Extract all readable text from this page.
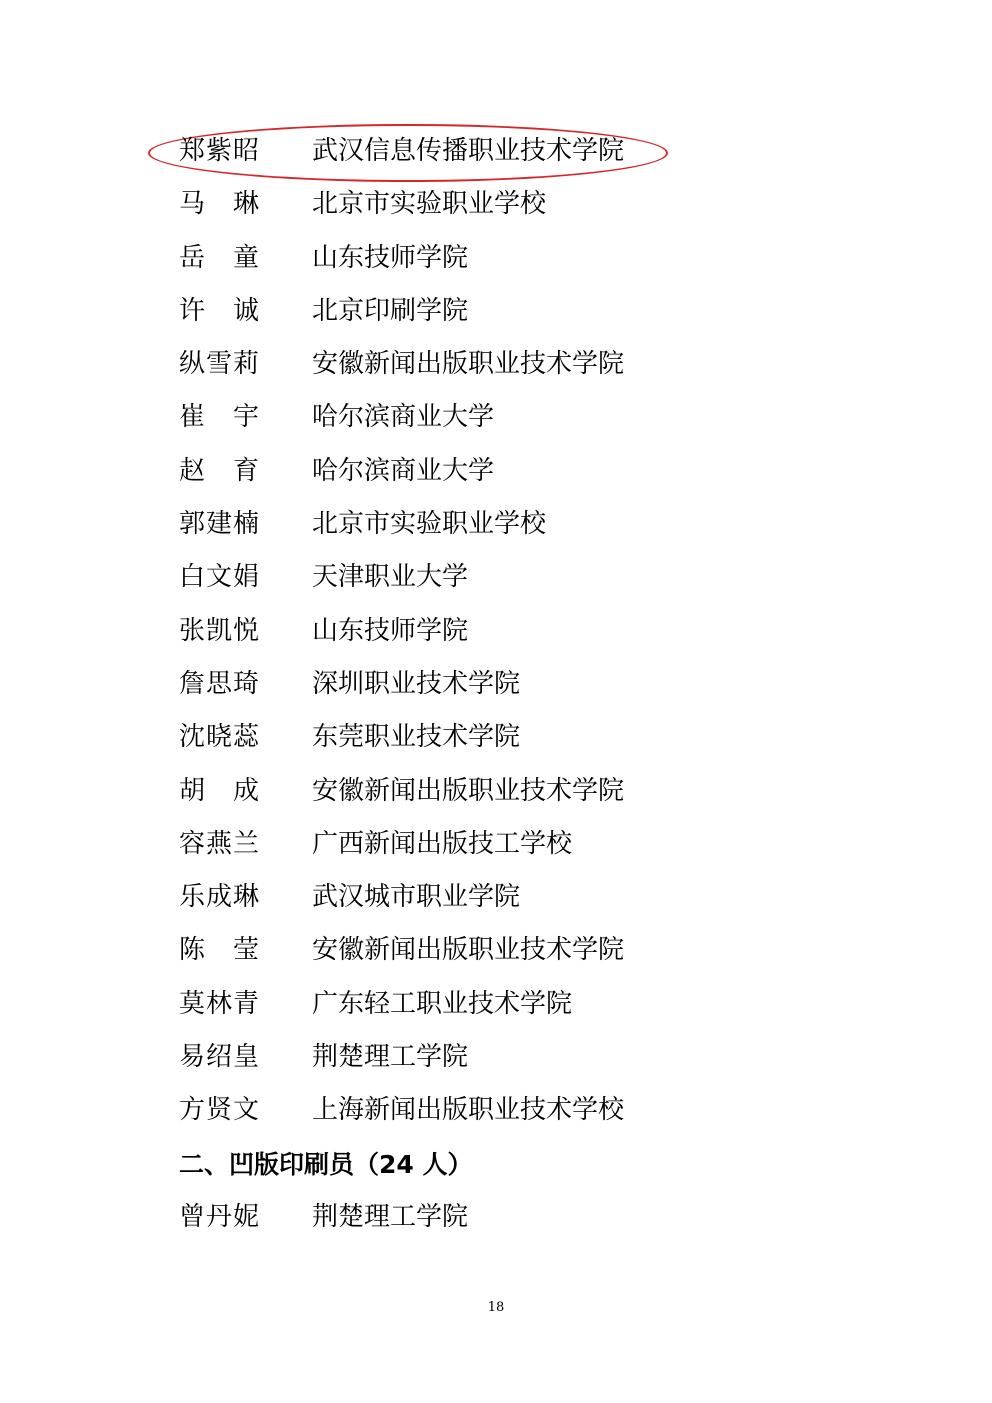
郑紫昭 武汉信息传播职业技术学院
马琳 北京市实验职业学校
岳童 山东技师学院
许诚 北京印刷学院
纵雪莉 安徽新闻出版职业技术学院
崔宇 哈尔滨商业大学
赵育 哈尔滨商业大学
郭建楠 北京市实验职业学校
白文娟 天津职业大学
张凯悦 山东技师学院
詹思琦 深圳职业技术学院
沈晓蕊 东莞职业技术学院
胡成 安徽新闻出版职业技术学院
容燕兰 广西新闻出版技工学校
乐成琳 武汉城市职业学院
陈莹 安徽新闻出版职业技术学院
莫林青 广东轻工职业技术学院
易绍皇 荆楚理工学院
方贤文 上海新闻出版职业技术学校
二、凹版印刷员（24 人）
曾丹妮 荆楚理工学院
18
